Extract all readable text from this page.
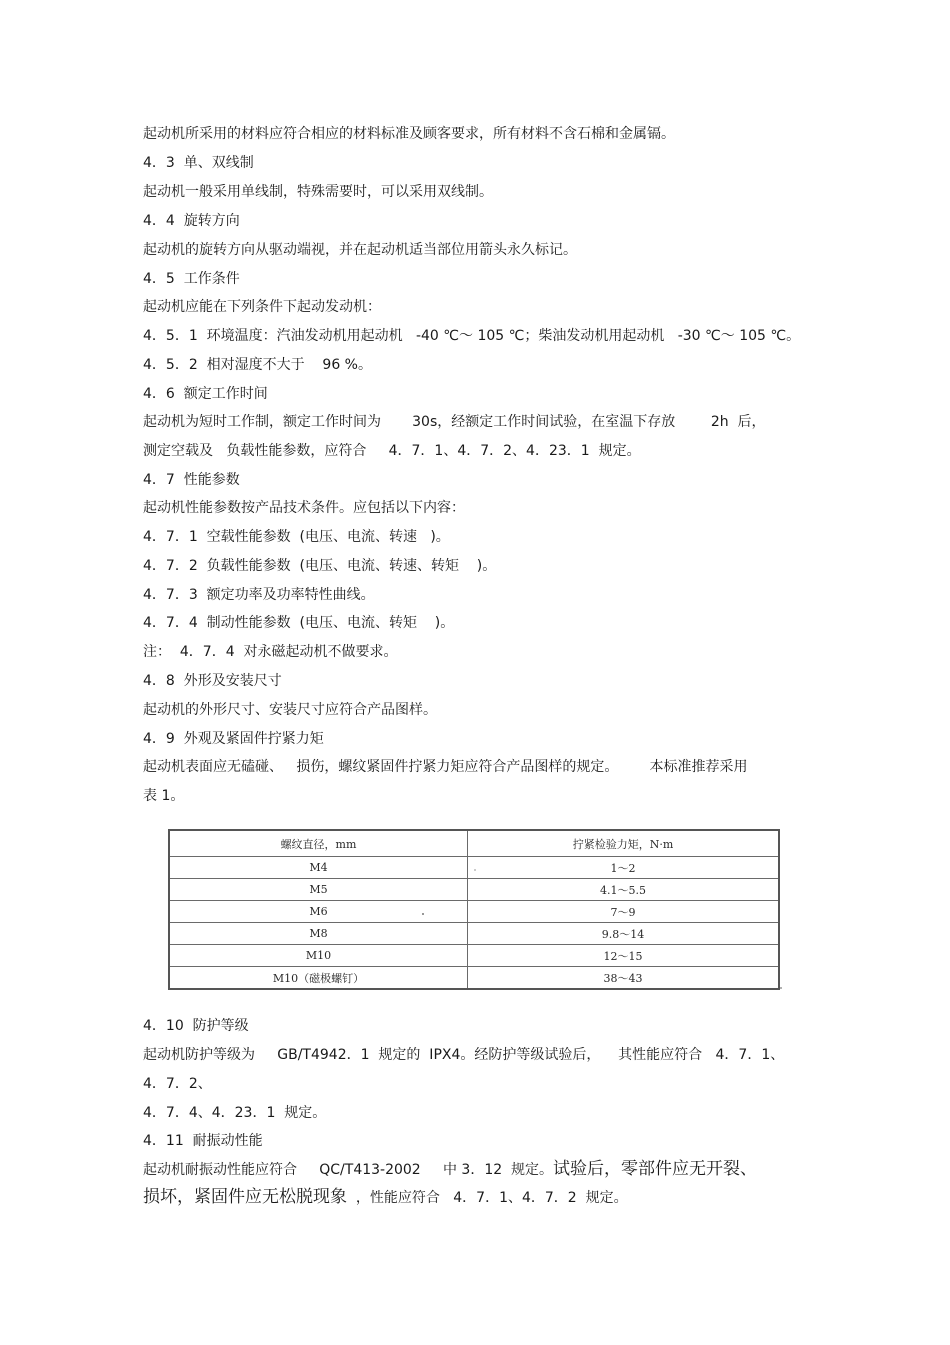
起动机所采用的材料应符合相应的材料标准及顾客要求，所有材料不含石棉和金属镉。
4．3  单、双线制
起动机一般采用单线制，特殊需要时，可以采用双线制。
4．4  旋转方向
起动机的旋转方向从驱动端视，并在起动机适当部位用箭头永久标记。
4．5  工作条件
起动机应能在下列条件下起动发动机：
4．5．1  环境温度：汽油发动机用起动机   -40 ℃～ 105 ℃；柴油发动机用起动机   -30 ℃～ 105 ℃。
4．5．2  相对湿度不大于    96 %。
4．6  额定工作时间
起动机为短时工作制，额定工作时间为       30s，经额定工作时间试验，在室温下存放        2h  后，
测定空载及   负载性能参数，应符合     4．7．1、4．7．2、4．23．1  规定。
4．7  性能参数
起动机性能参数按产品技术条件。应包括以下内容：
4．7．1  空载性能参数  (电压、电流、转速   )。
4．7．2  负载性能参数  (电压、电流、转速、转矩    )。
4．7．3  额定功率及功率特性曲线。
4．7．4  制动性能参数  (电压、电流、转矩    )。
注：  4．7．4  对永磁起动机不做要求。
4．8  外形及安装尺寸
起动机的外形尺寸、安装尺寸应符合产品图样。
4．9  外观及紧固件拧紧力矩
起动机表面应无磕碰、   损伤，螺纹紧固件拧紧力矩应符合产品图样的规定。       本标准推荐采用
表 1。
螺纹直径，mm	拧紧检验力矩，N·m
M4	1～2
M5	4.1～5.5
M6	7～9
M8	9.8～14
M10	12～15
M10（磁极螺钉）	38～43
4．10  防护等级
起动机防护等级为     GB/T4942．1  规定的  IPX4。经防护等级试验后，    其性能应符合   4．7．1、
4．7．2、
4．7．4、4．23．1  规定。
4．11  耐振动性能
起动机耐振动性能应符合     QC/T413-2002     中 3．12  规定。试验后，零部件应无开裂、
损坏，紧固件应无松脱现象  ，性能应符合   4．7．1、4．7．2  规定。
